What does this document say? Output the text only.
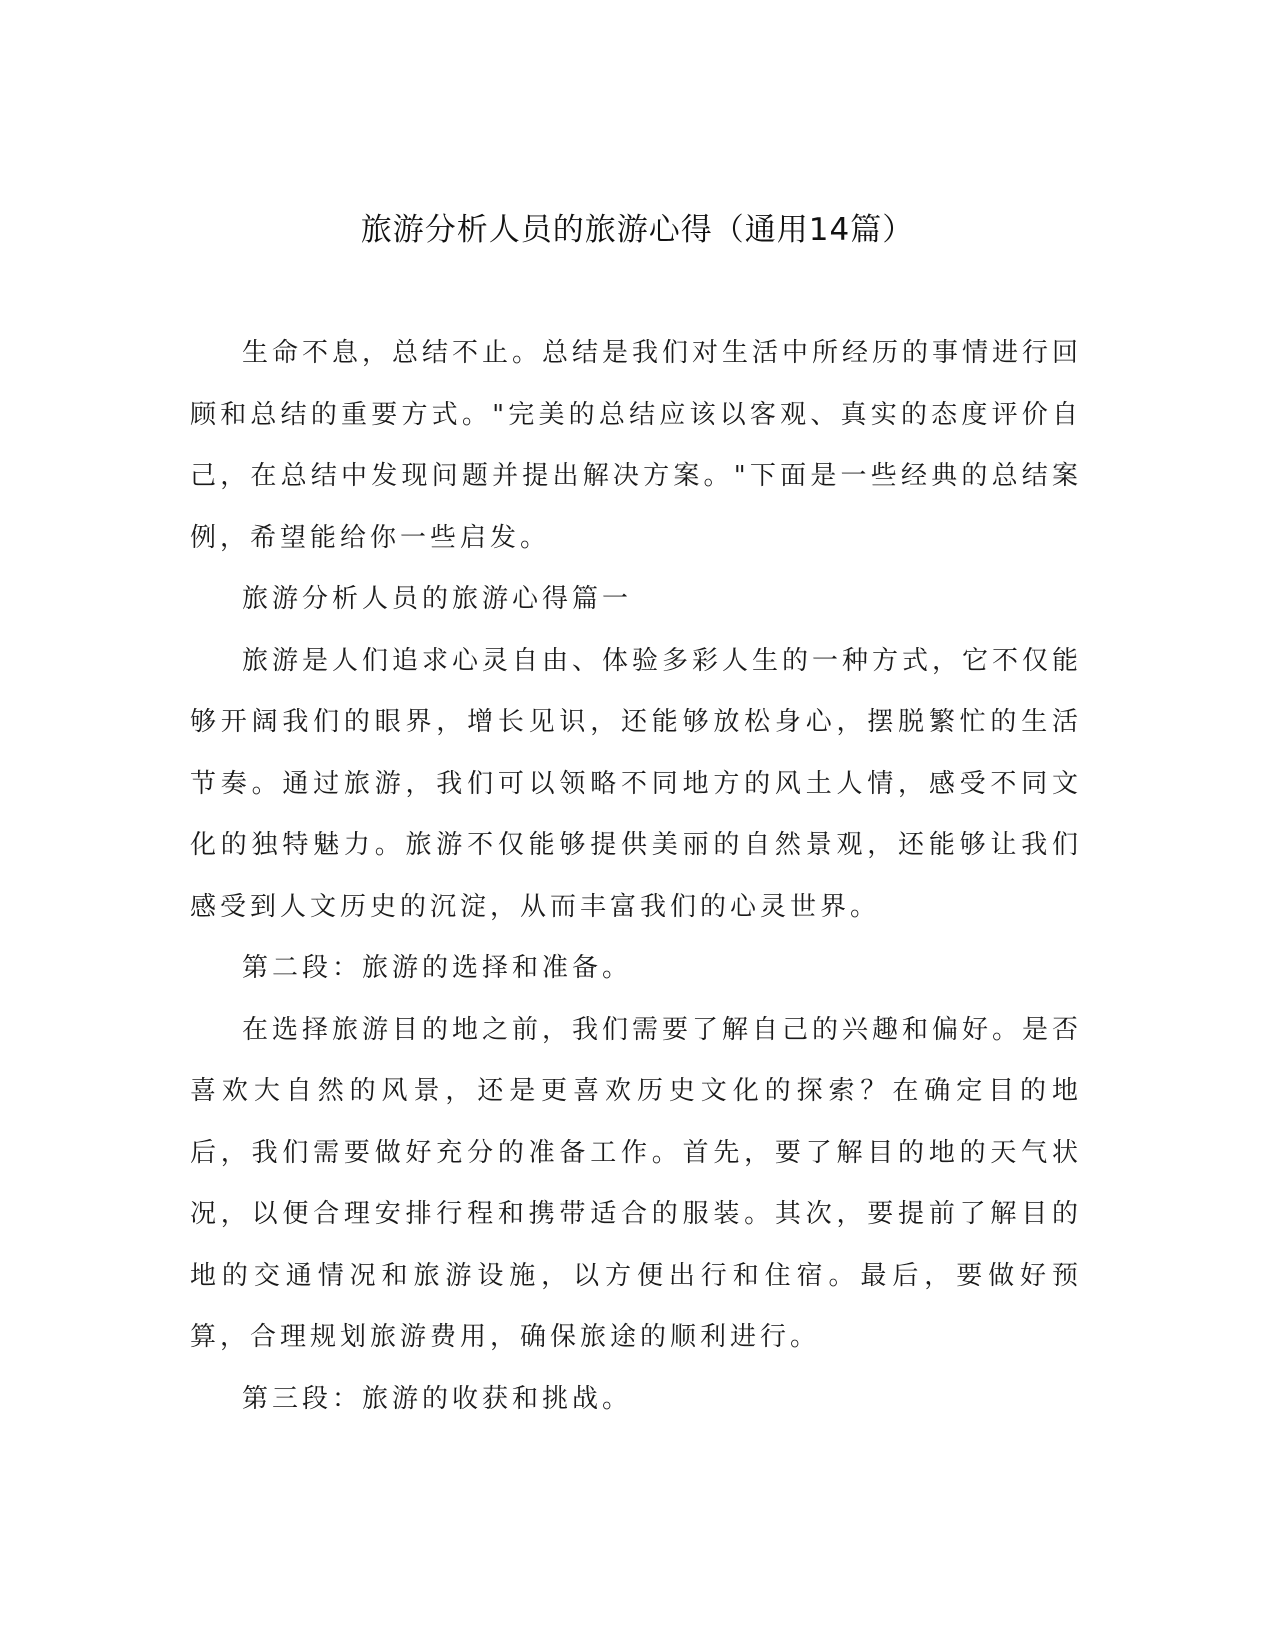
旅游分析人员的旅游心得（通用14篇）

生命不息，总结不止。总结是我们对生活中所经历的事情进行回顾和总结的重要方式。"完美的总结应该以客观、真实的态度评价自己，在总结中发现问题并提出解决方案。"下面是一些经典的总结案例，希望能给你一些启发。

旅游分析人员的旅游心得篇一

旅游是人们追求心灵自由、体验多彩人生的一种方式，它不仅能够开阔我们的眼界，增长见识，还能够放松身心，摆脱繁忙的生活节奏。通过旅游，我们可以领略不同地方的风土人情，感受不同文化的独特魅力。旅游不仅能够提供美丽的自然景观，还能够让我们感受到人文历史的沉淀，从而丰富我们的心灵世界。

第二段：旅游的选择和准备。

在选择旅游目的地之前，我们需要了解自己的兴趣和偏好。是否喜欢大自然的风景，还是更喜欢历史文化的探索？在确定目的地后，我们需要做好充分的准备工作。首先，要了解目的地的天气状况，以便合理安排行程和携带适合的服装。其次，要提前了解目的地的交通情况和旅游设施，以方便出行和住宿。最后，要做好预算，合理规划旅游费用，确保旅途的顺利进行。

第三段：旅游的收获和挑战。
